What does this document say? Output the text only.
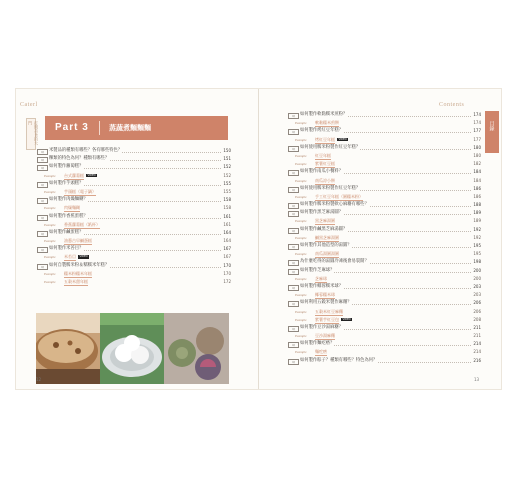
Caterl
打開美食的大門	Part 3	蒸蔬煮麵麵麵
Q	米製品的種類有哪些？各有哪些特色？	150
Q	粿類的特色為何？種類有哪些？	151
Q	如何製作蘿蔔糕？	152
Example 台式蘿蔔糕	VIDEO	152
Q	如何製作芋頭糕？	155
Example 芋頭糕（電子鍋）	155
Q	如何製作肉燥麵糊？	158
Example 肉燥麵糊	158
Q	如何製作香蕉蛋糕？	161
Example 香蕉蘿蔔糕（紙杯）	161
Q	如何製作鹹蛋糕？	164
Example 油蔥古早鹹蛋糕	164
Q	如何製作米苔目？	167
Example 米苔目	VIDEO	167
Q	如何自製糯米粉＆糯糯米年糕？	170
Example 糯米粉糯米年糕	170
Example 五穀米甜年糕	172
12
Contents
目錄
Q	如何製作軟黏糯米煎粉？	174
Example 軟黏糯米煎餅	174
Q	如何製作烤紅豆年糕？	177
Example 烤紅豆年糕	VIDEO	177
Q	如何使用糯米粉製作紅豆年糕？	180
Example 紅豆年糕	180
Example 紫薯紅豆糕	182
Q	如何製作南瓜小餐料？	184
Example 南瓜涼小餅	184
Q	如何使用糯米粉製作紅豆年糕？	186
Example 手工紅豆年糕（圓糯米粉）	186
Q	如何製作糯米粉製軟心麻糬有哪些？	188
Q	如何製作黑芝麻湯圓？	189
Example 黑芝麻湯圓	189
Q	如何製作鹹黑芝麻湯圓？	192
Example 鹹黑芝麻湯圓	192
Q	如何製作其他造型的湯圓？	195
Example 南瓜湯圓湯圓	195
Q	為什麼吃得的湯圓冷凍後會易裂開？	198
Q	如何製作芝麻球？	200
Example 芝麻球	200
Q	如何製作椰蓉糯米球？	203
Example 椰蓉糯米球	203
Q	如何利用五穀米製作麻糬？	206
Example 五穀米紅豆麻糬	206
Example 紫薯芋紅豆包	VIDEO	208
Q	如何製作豆沙湯麻糬？	211
Example 豆沙湯麻糬	211
Q	如何製作麵疙瘩？	214
Example 麵疙瘩	214
Q	如何製作粽子？種類有哪些？特色為何？	216
13
